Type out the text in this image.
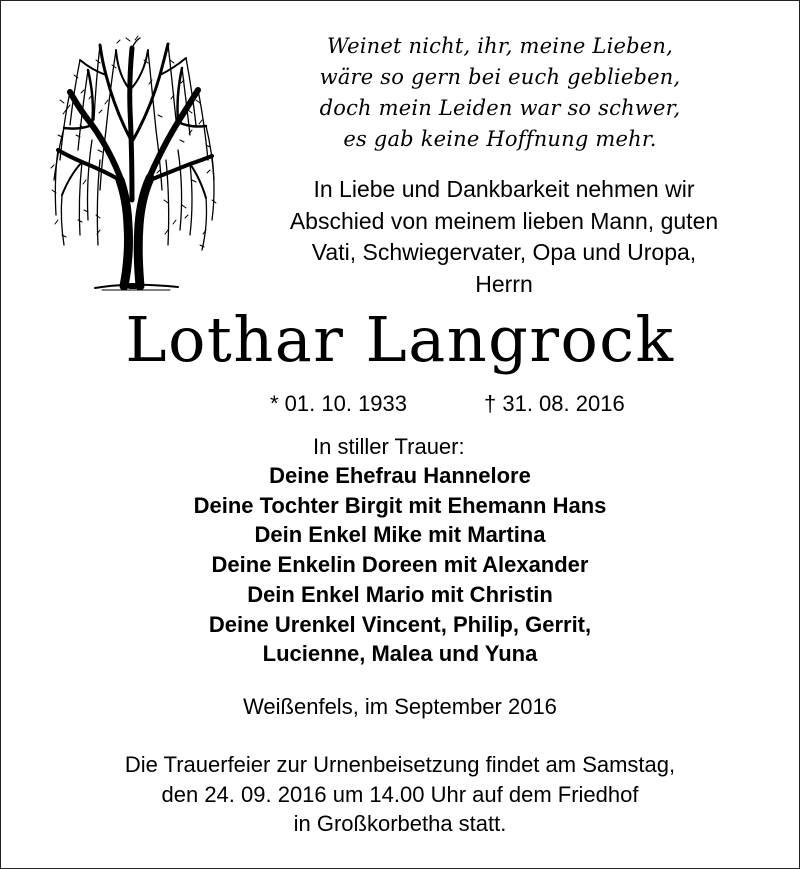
Weinet nicht, ihr, meine Lieben,
wäre so gern bei euch geblieben,
doch mein Leiden war so schwer,
es gab keine Hoffnung mehr.
In Liebe und Dankbarkeit nehmen wir
Abschied von meinem lieben Mann, guten
Vati, Schwiegervater, Opa und Uropa,
Herrn
Lothar Langrock
* 01. 10. 1933	† 31. 08. 2016
In stiller Trauer:
Deine Ehefrau Hannelore
Deine Tochter Birgit mit Ehemann Hans
Dein Enkel Mike mit Martina
Deine Enkelin Doreen mit Alexander
Dein Enkel Mario mit Christin
Deine Urenkel Vincent, Philip, Gerrit,
Lucienne, Malea und Yuna
Weißenfels, im September 2016
Die Trauerfeier zur Urnenbeisetzung findet am Samstag,
den 24. 09. 2016 um 14.00 Uhr auf dem Friedhof
in Großkorbetha statt.
